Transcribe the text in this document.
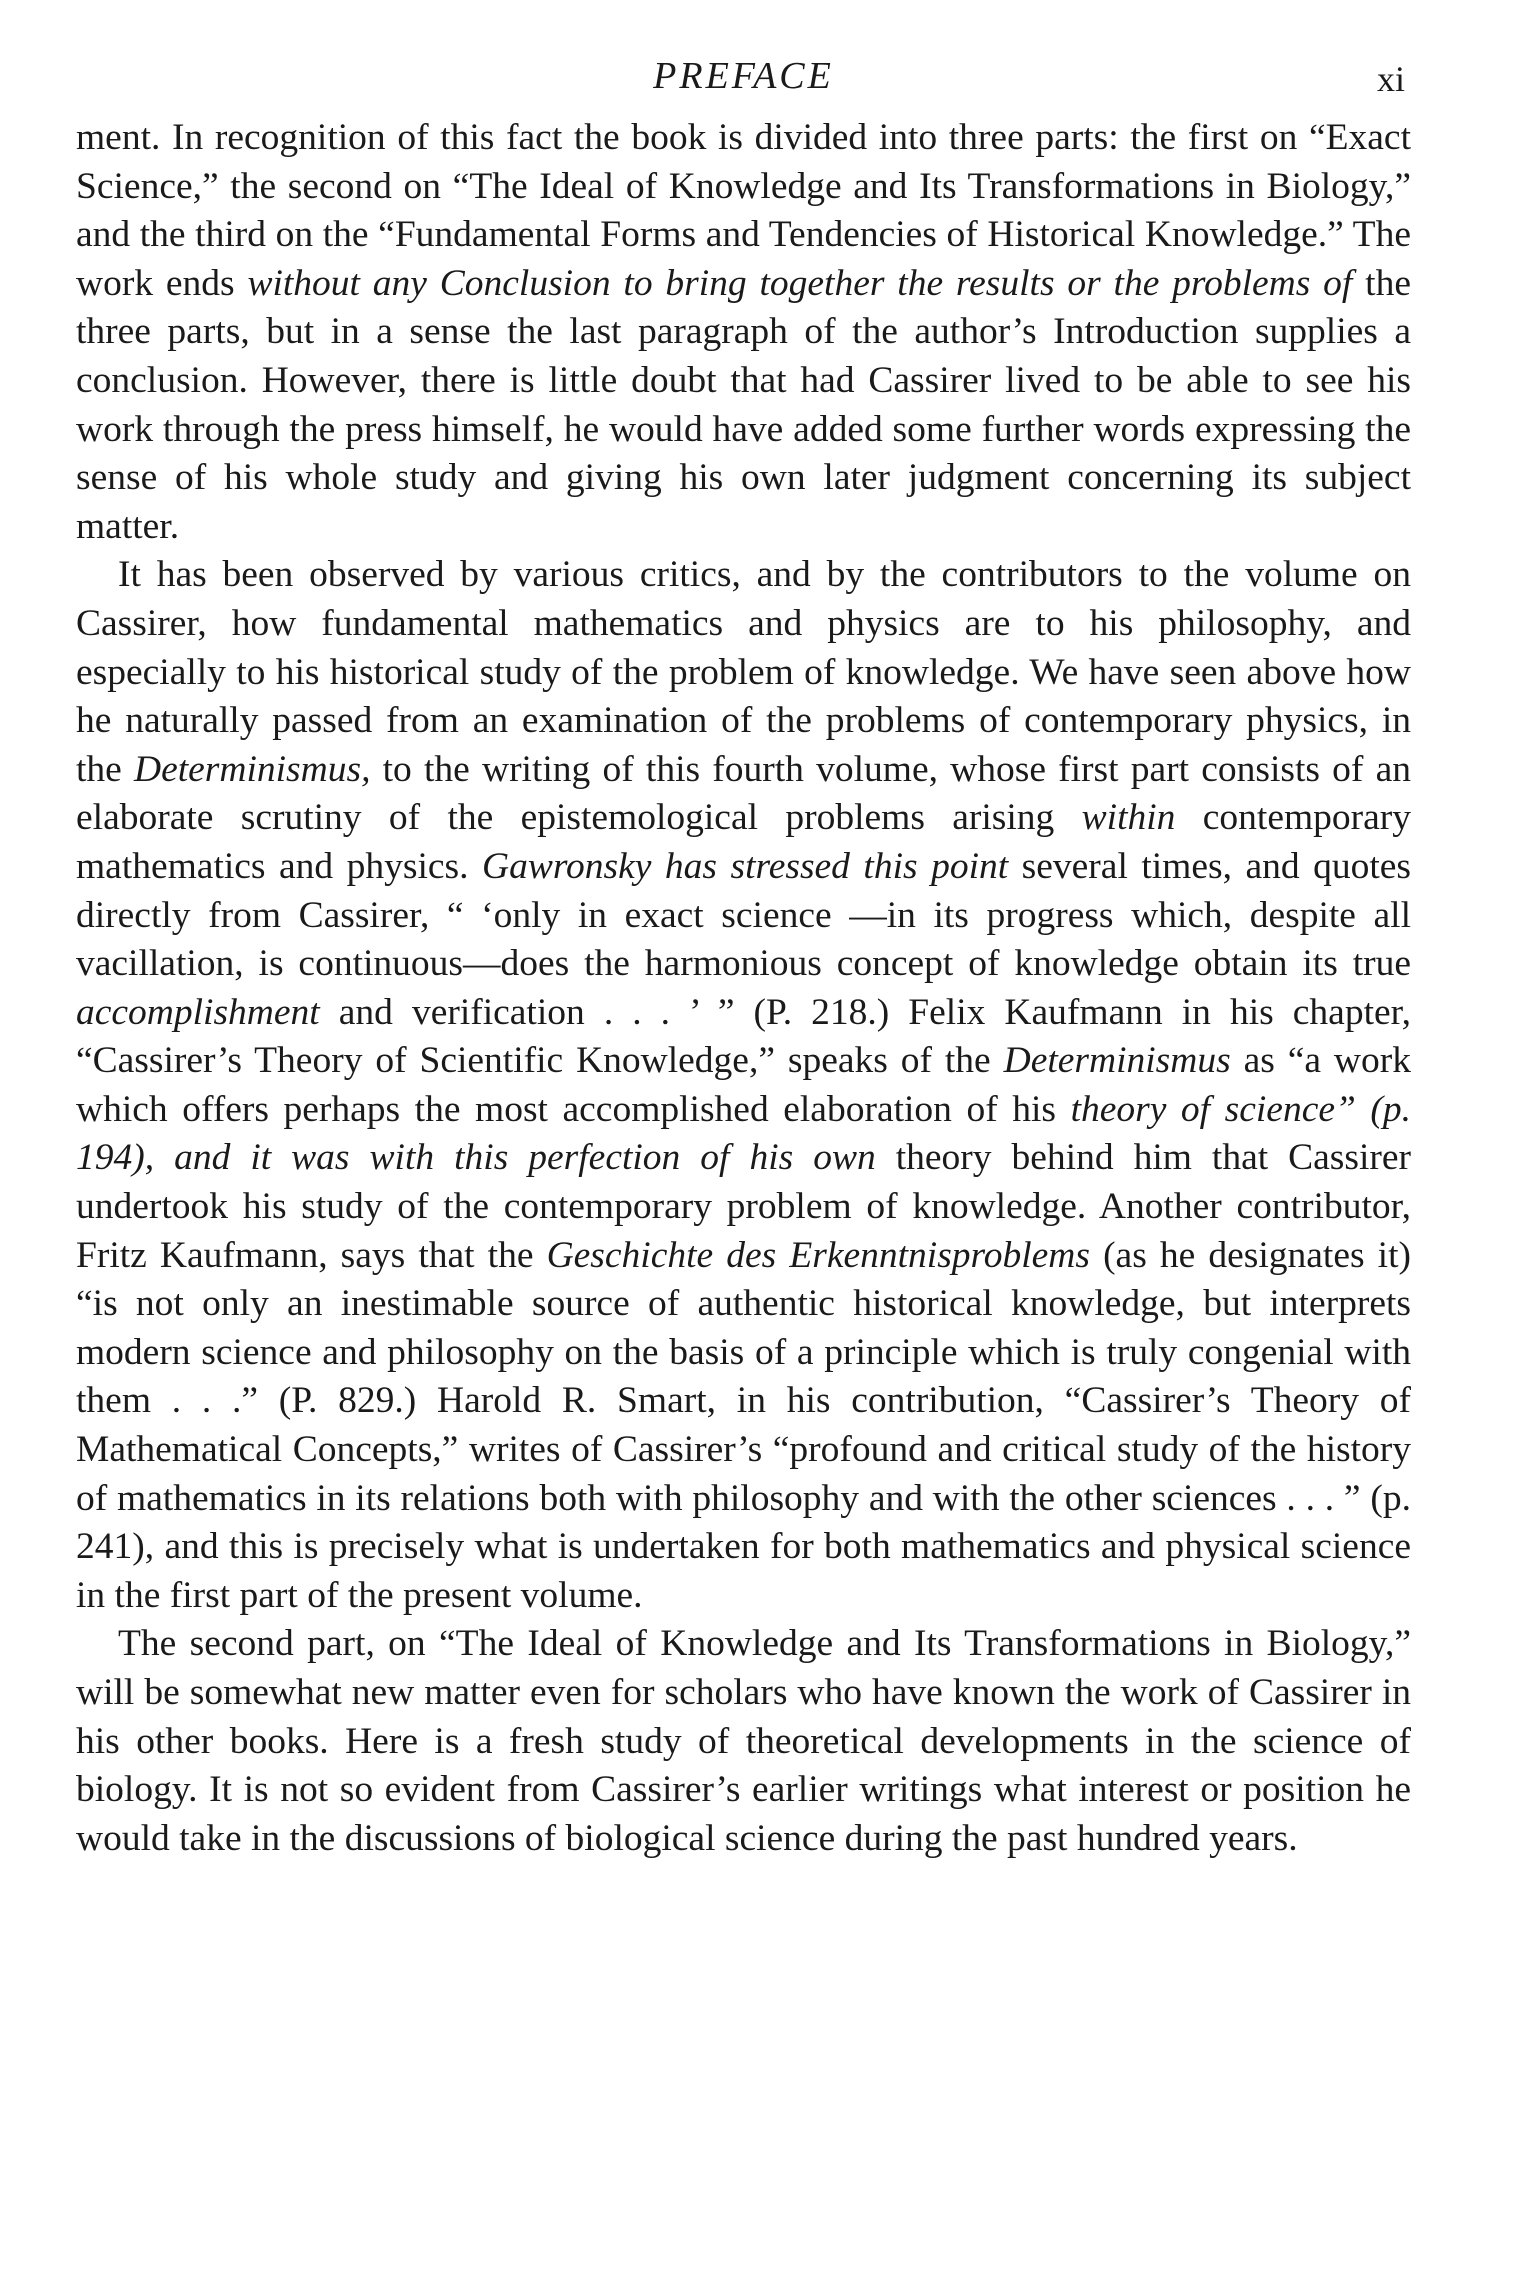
PREFACE	xi

ment. In recognition of this fact the book is divided into three parts: the first on “Exact Science,” the second on “The Ideal of Knowledge and Its Transformations in Biology,” and the third on the “Fundamental Forms and Tendencies of Historical Knowledge.” The work ends without any Conclusion to bring together the results or the problems of the three parts, but in a sense the last paragraph of the author’s Introduction supplies a conclusion. However, there is little doubt that had Cassirer lived to be able to see his work through the press himself, he would have added some further words expressing the sense of his whole study and giving his own later judgment concerning its subject matter.

It has been observed by various critics, and by the contributors to the volume on Cassirer, how fundamental mathematics and physics are to his philosophy, and especially to his historical study of the problem of knowledge. We have seen above how he naturally passed from an examination of the problems of contemporary physics, in the Determinismus, to the writing of this fourth volume, whose first part consists of an elaborate scrutiny of the epistemological problems arising within contemporary mathematics and physics. Gawronsky has stressed this point several times, and quotes directly from Cassirer, “ ‘only in exact science —in its progress which, despite all vacillation, is continuous—does the harmonious concept of knowledge obtain its true accomplishment and verification . . . ’ ” (P. 218.) Felix Kaufmann in his chapter, “Cassirer’s Theory of Scientific Knowledge,” speaks of the Determinismus as “a work which offers perhaps the most accomplished elaboration of his theory of science” (p. 194), and it was with this perfection of his own theory behind him that Cassirer undertook his study of the contemporary problem of knowledge. Another contributor, Fritz Kaufmann, says that the Geschichte des Erkenntnisproblems (as he designates it) “is not only an inestimable source of authentic historical knowledge, but interprets modern science and philosophy on the basis of a principle which is truly congenial with them . . .” (P. 829.) Harold R. Smart, in his contribution, “Cassirer’s Theory of Mathematical Concepts,” writes of Cassirer’s “profound and critical study of the history of mathematics in its relations both with philosophy and with the other sciences . . . ” (p. 241), and this is precisely what is undertaken for both mathematics and physical science in the first part of the present volume.

The second part, on “The Ideal of Knowledge and Its Transformations in Biology,” will be somewhat new matter even for scholars who have known the work of Cassirer in his other books. Here is a fresh study of theoretical developments in the science of biology. It is not so evident from Cassirer’s earlier writings what interest or position he would take in the discussions of biological science during the past hundred years.
